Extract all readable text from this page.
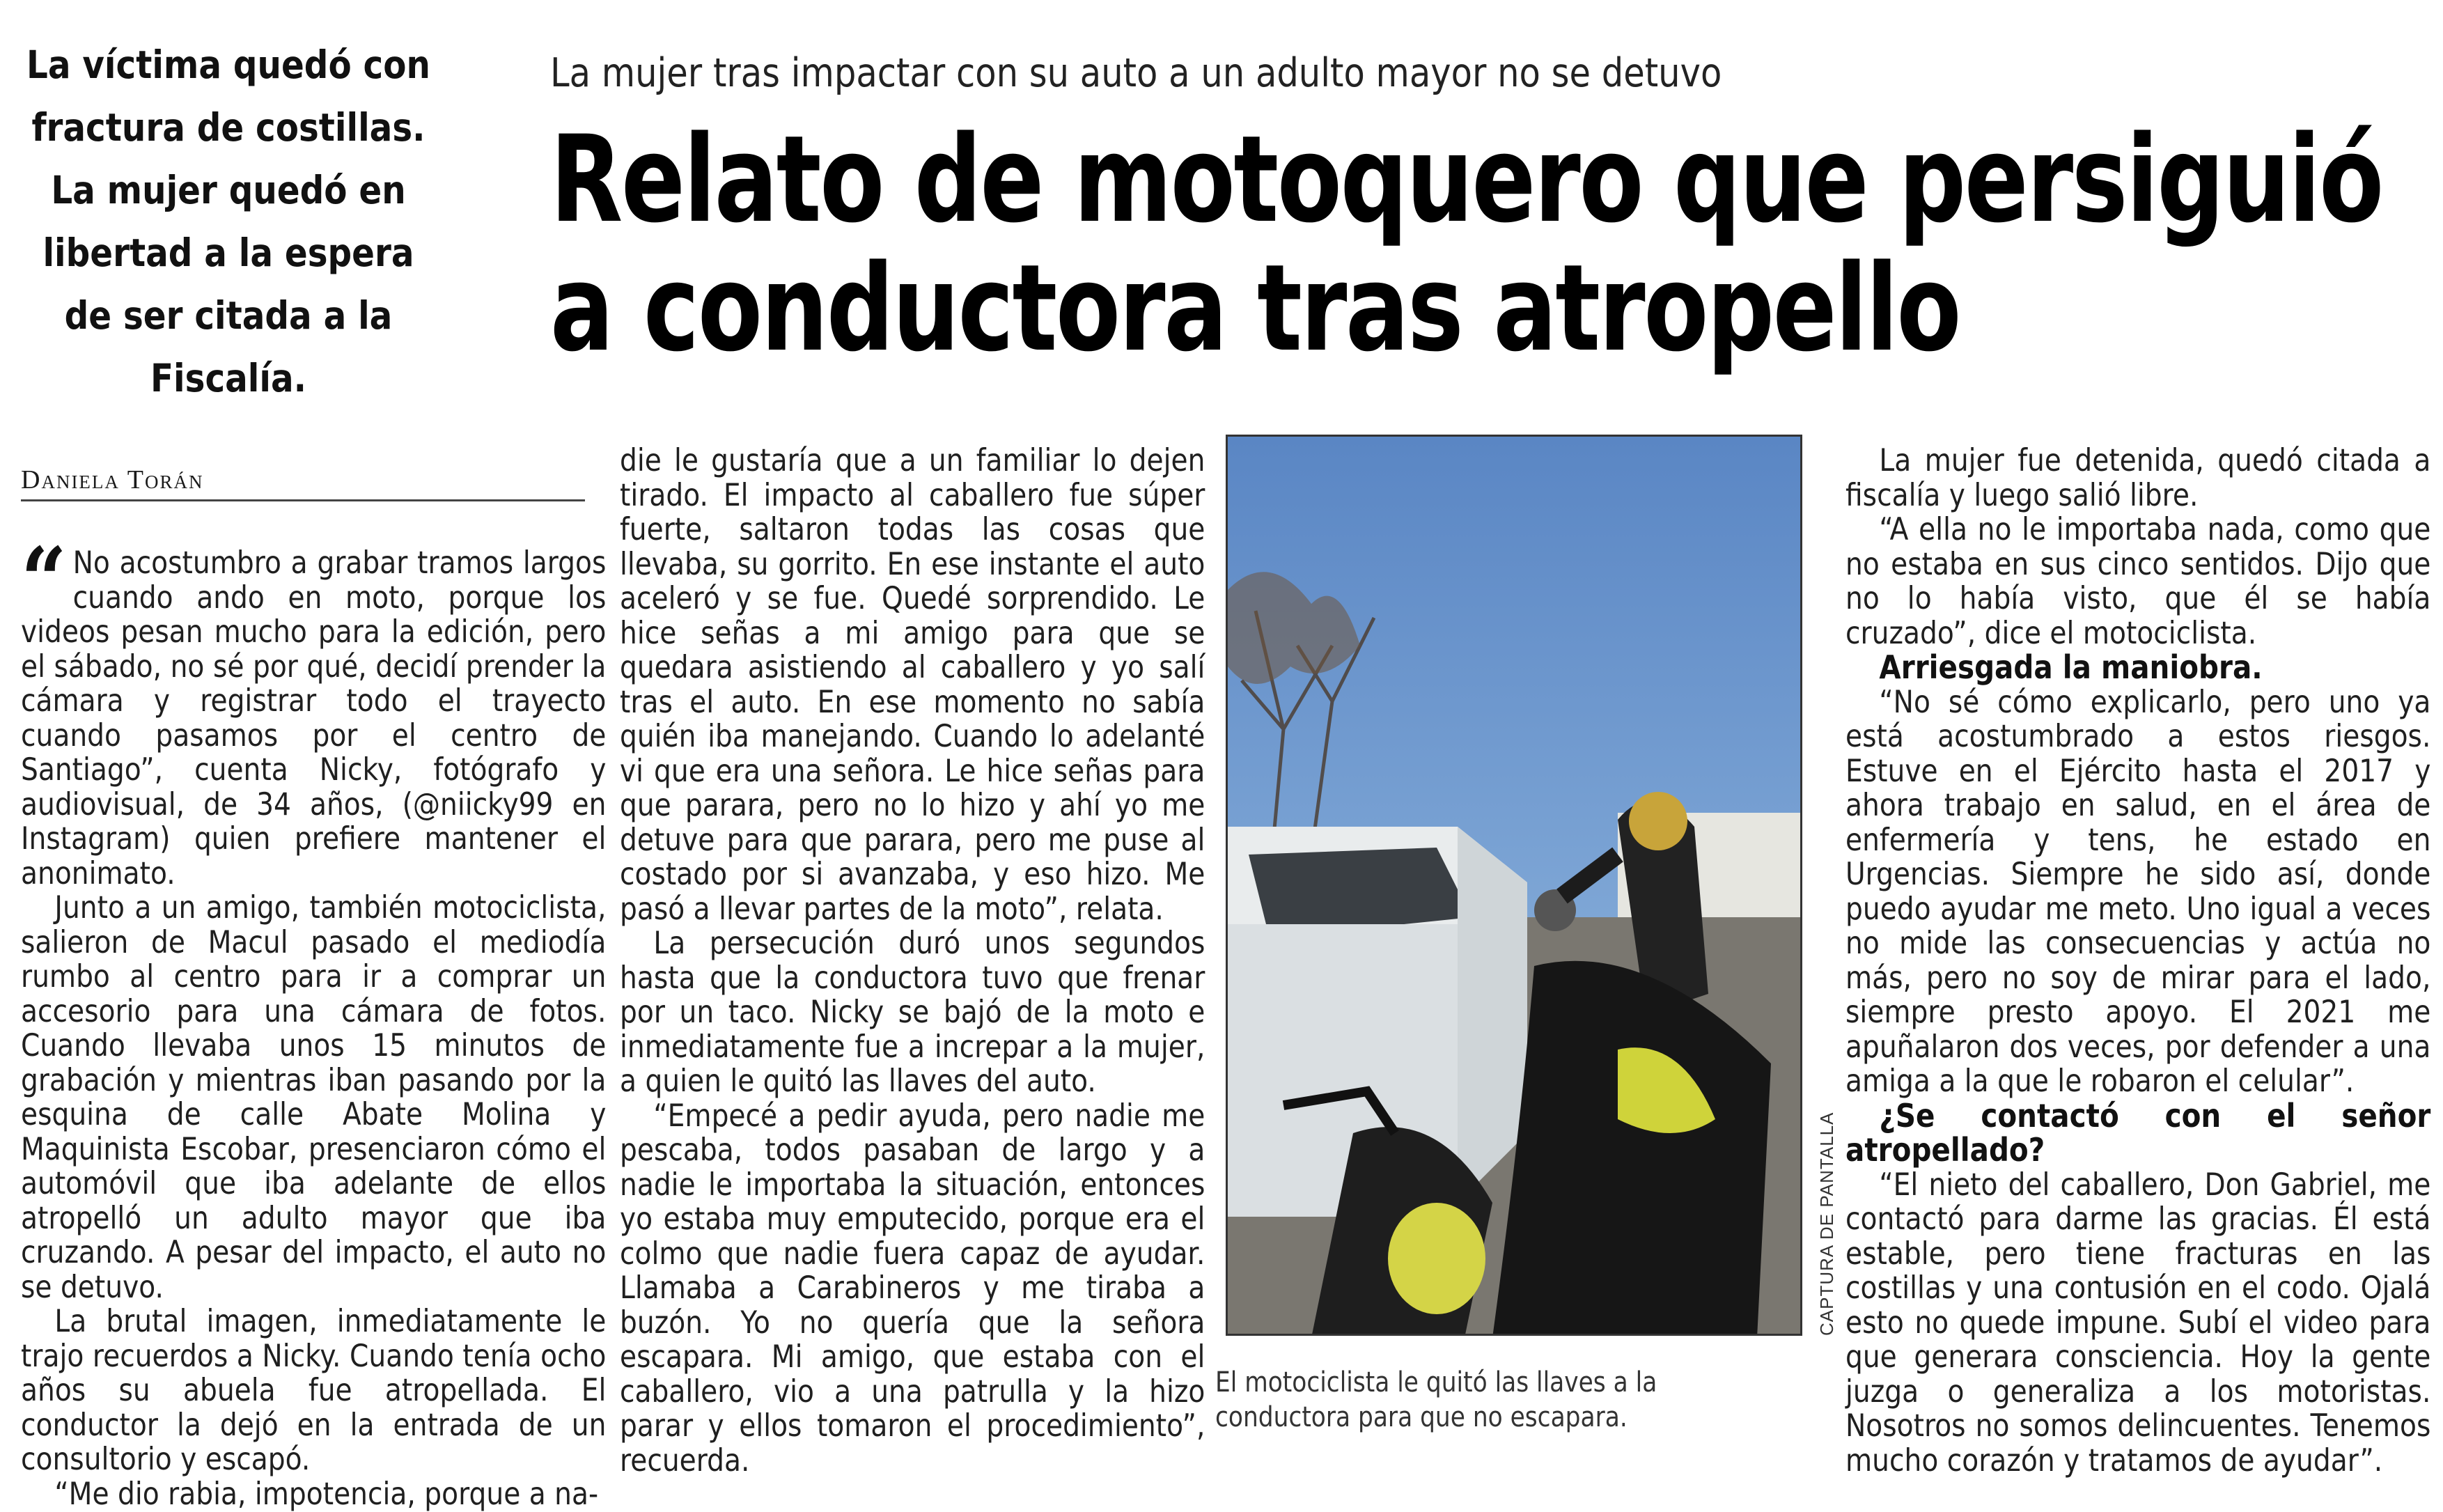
La víctima quedó con fractura de costillas. La mujer quedó en libertad a la espera de ser citada a la Fiscalía.
La mujer tras impactar con su auto a un adulto mayor no se detuvo
Relato de motoquero que persiguió
a conductora tras atropello
Daniela Torán

“ No acostumbro a grabar tramos largos cuando ando en moto, porque los videos pesan mucho para la edición, pero el sábado, no sé por qué, decidí prender la cámara y registrar todo el trayecto cuando pasamos por el centro de Santiago”, cuenta Nicky, fotógrafo y audiovisual, de 34 años, (@niicky99 en Instagram) quien prefiere mantener el anonimato.

Junto a un amigo, también motociclista, salieron de Macul pasado el mediodía rumbo al centro para ir a comprar un accesorio para una cámara de fotos. Cuando llevaba unos 15 minutos de grabación y mientras iban pasando por la esquina de calle Abate Molina y Maquinista Escobar, presenciaron cómo el automóvil que iba adelante de ellos atropelló un adulto mayor que iba cruzando. A pesar del impacto, el auto no se detuvo.

La brutal imagen, inmediatamente le trajo recuerdos a Nicky. Cuando tenía ocho años su abuela fue atropellada. El conductor la dejó en la entrada de un consultorio y escapó.

“Me dio rabia, impotencia, porque a na-

die le gustaría que a un familiar lo dejen tirado. El impacto al caballero fue súper fuerte, saltaron todas las cosas que llevaba, su gorrito. En ese instante el auto aceleró y se fue. Quedé sorprendido. Le hice señas a mi amigo para que se quedara asistiendo al caballero y yo salí tras el auto. En ese momento no sabía quién iba manejando. Cuando lo adelanté vi que era una señora. Le hice señas para que parara, pero no lo hizo y ahí yo me detuve para que parara, pero me puse al costado por si avanzaba, y eso hizo. Me pasó a llevar partes de la moto”, relata.

La persecución duró unos segundos hasta que la conductora tuvo que frenar por un taco. Nicky se bajó de la moto e inmediatamente fue a increpar a la mujer, a quien le quitó las llaves del auto.

“Empecé a pedir ayuda, pero nadie me pescaba, todos pasaban de largo y a nadie le importaba la situación, entonces yo estaba muy emputecido, porque era el colmo que nadie fuera capaz de ayudar. Llamaba a Carabineros y me tiraba a buzón. Yo no quería que la señora escapara. Mi amigo, que estaba con el caballero, vio a una patrulla y la hizo parar y ellos tomaron el procedimiento”, recuerda.

CAPTURA DE PANTALLA
El motociclista le quitó las llaves a la conductora para que no escapara.

La mujer fue detenida, quedó citada a fiscalía y luego salió libre.

“A ella no le importaba nada, como que no estaba en sus cinco sentidos. Dijo que no lo había visto, que él se había cruzado”, dice el motociclista.

Arriesgada la maniobra.

“No sé cómo explicarlo, pero uno ya está acostumbrado a estos riesgos. Estuve en el Ejército hasta el 2017 y ahora trabajo en salud, en el área de enfermería y tens, he estado en Urgencias. Siempre he sido así, donde puedo ayudar me meto. Uno igual a veces no mide las consecuencias y actúa no más, pero no soy de mirar para el lado, siempre presto apoyo. El 2021 me apuñalaron dos veces, por defender a una amiga a la que le robaron el celular”.

¿Se contactó con el señor atropellado?

“El nieto del caballero, Don Gabriel, me contactó para darme las gracias. Él está estable, pero tiene fracturas en las costillas y una contusión en el codo. Ojalá esto no quede impune. Subí el video para que generara consciencia. Hoy la gente juzga o generaliza a los motoristas. Nosotros no somos delincuentes. Tenemos mucho corazón y tratamos de ayudar”.
